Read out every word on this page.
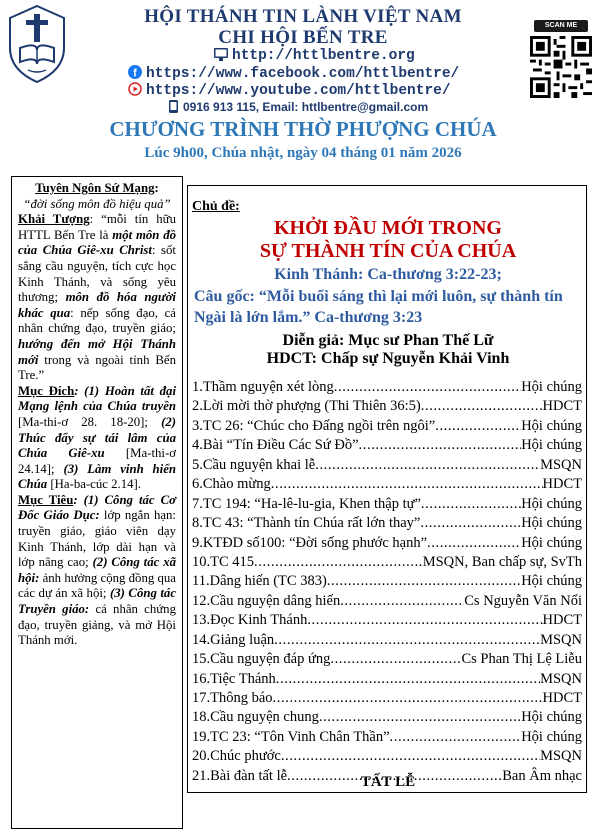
SCAN ME
HỘI THÁNH TIN LÀNH VIỆT NAM
CHI HỘI BẾN TRE
http://httlbentre.org
f https://www.facebook.com/httlbentre/
https://www.youtube.com/httlbentre/
0916 913 115, Email: httlbentre@gmail.com
CHƯƠNG TRÌNH THỜ PHƯỢNG CHÚA
Lúc 9h00, Chúa nhật, ngày 04 tháng 01 năm 2026

Tuyên Ngôn Sứ Mạng:

“đời sống môn đồ hiệu quả”

Khải Tượng: “mỗi tín hữu HTTL Bến Tre là một môn đồ của Chúa Giê-xu Christ: sốt sắng cầu nguyện, tích cực học Kinh Thánh, và sống yêu thương; môn đồ hóa người khác qua: nếp sống đạo, cá nhân chứng đạo, truyền giáo; hướng đến mở Hội Thánh mới trong và ngoài tỉnh Bến Tre.”

Mục Đích: (1) Hoàn tất đại Mạng lệnh của Chúa truyền [Ma-thi-ơ 28. 18-20]; (2) Thúc đẩy sự tái lâm của Chúa Giê-xu [Ma-thi-ơ 24.14]; (3) Làm vinh hiển Chúa [Ha-ba-cúc 2.14].

Mục Tiêu: (1) Công tác Cơ Đốc Giáo Dục: lớp ngắn hạn: truyền giáo, giáo viên dạy Kinh Thánh, lớp dài hạn và lớp nâng cao; (2) Công tác xã hội: ảnh hưởng cộng đồng qua các dự án xã hội; (3) Công tác Truyền giáo: cá nhân chứng đạo, truyền giảng, và mở Hội Thánh mới.

Chủ đề:
KHỞI ĐẦU MỚI TRONG
SỰ THÀNH TÍN CỦA CHÚA
Kinh Thánh: Ca-thương 3:22-23;
Câu gốc: “Mỗi buổi sáng thì lại mới luôn, sự thành tín Ngài là lớn lắm.” Ca-thương 3:23
Diễn giả: Mục sư Phan Thế Lữ
HDCT: Chấp sự Nguyễn Khải Vinh
1. Thầm nguyện xét lòng .....	Hội chúng
2. Lời mời thờ phượng (Thi Thiên 36:5) .....	HDCT
3. TC 26: “Chúc cho Đấng ngồi trên ngôi” .....	Hội chúng
4. Bài “Tín Điều Các Sứ Đồ” .....	Hội chúng
5. Cầu nguyện khai lễ .....	MSQN
6. Chào mừng .....	HDCT
7. TC 194: “Ha-lê-lu-gia, Khen thập tự” .....	Hội chúng
8. TC 43: “Thành tín Chúa rất lớn thay” .....	Hội chúng
9. KTĐD số100: “Đời sống phước hạnh” .....	Hội chúng
10. TC 415 .....	MSQN, Ban chấp sự, SvTh
11. Dâng hiến (TC 383) .....	Hội chúng
12. Cầu nguyện dâng hiến .....	Cs Nguyễn Văn Nổi
13. Đọc Kinh Thánh .....	HDCT
14. Giảng luận .....	MSQN
15. Cầu nguyện đáp ứng .....	Cs Phan Thị Lệ Liễu
16. Tiệc Thánh .....	MSQN
17. Thông báo .....	HDCT
18. Cầu nguyện chung .....	Hội chúng
19. TC 23: “Tôn Vinh Chân Thần” .....	Hội chúng
20. Chúc phước .....	MSQN
21. Bài đàn tất lễ .....	Ban Âm nhạc
TẤT LỄ
